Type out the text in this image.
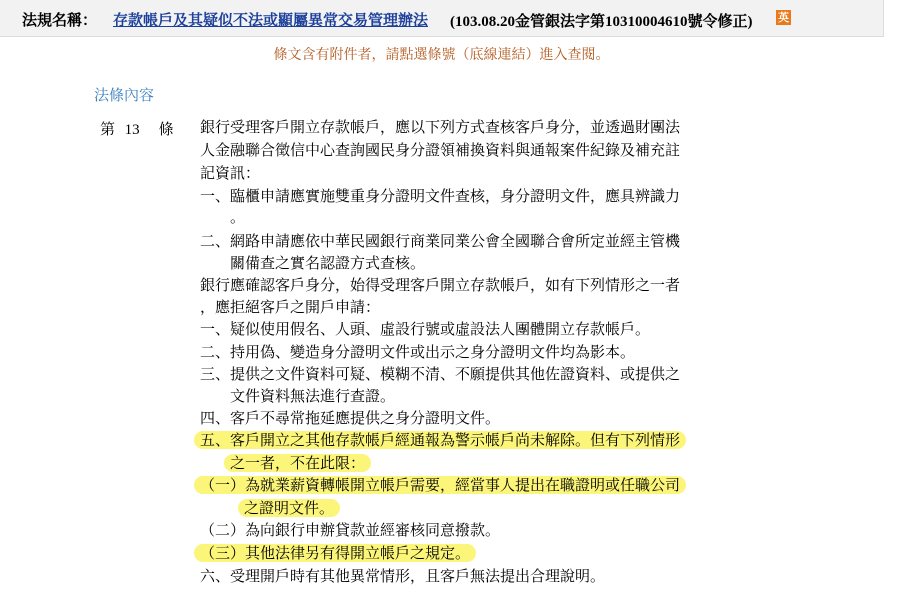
法規名稱： 存款帳戶及其疑似不法或顯屬異常交易管理辦法 (103.08.20金管銀法字第10310004610號令修正) 英
條文含有附件者，請點選條號（底線連結）進入查閱。
法條內容
第 13 條 銀行受理客戶開立存款帳戶，應以下列方式查核客戶身分，並透過財團法
人金融聯合徵信中心查詢國民身分證領補換資料與通報案件紀錄及補充註
記資訊：
一、臨櫃申請應實施雙重身分證明文件查核，身分證明文件，應具辨識力
。
二、網路申請應依中華民國銀行商業同業公會全國聯合會所定並經主管機
關備查之實名認證方式查核。
銀行應確認客戶身分，始得受理客戶開立存款帳戶，如有下列情形之一者
，應拒絕客戶之開戶申請：
一、疑似使用假名、人頭、虛設行號或虛設法人團體開立存款帳戶。
二、持用偽、變造身分證明文件或出示之身分證明文件均為影本。
三、提供之文件資料可疑、模糊不清、不願提供其他佐證資料、或提供之
文件資料無法進行查證。
四、客戶不尋常拖延應提供之身分證明文件。
五、客戶開立之其他存款帳戶經通報為警示帳戶尚未解除。但有下列情形
之一者，不在此限：
（一）為就業薪資轉帳開立帳戶需要，經當事人提出在職證明或任職公司
之證明文件。
（二）為向銀行申辦貸款並經審核同意撥款。
（三）其他法律另有得開立帳戶之規定。
六、受理開戶時有其他異常情形，且客戶無法提出合理說明。
